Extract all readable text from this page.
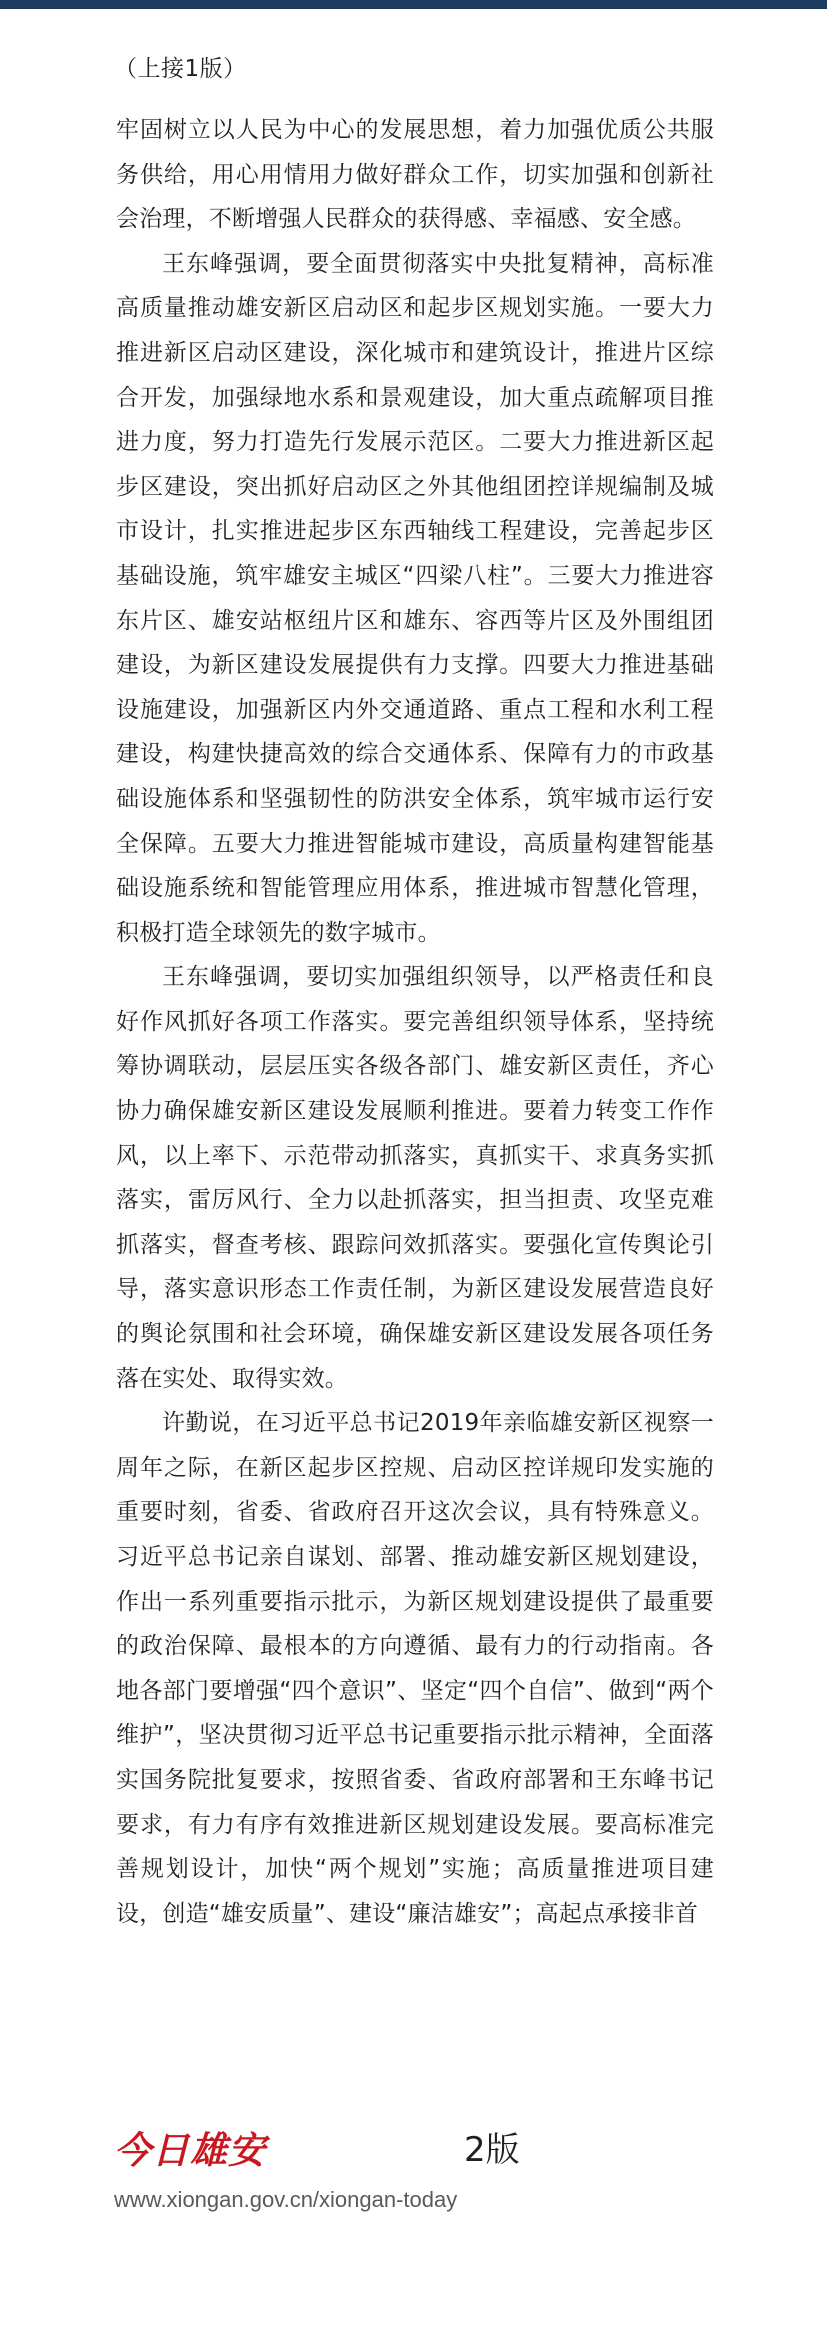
（上接1版）

牢固树立以人民为中心的发展思想，着力加强优质公共服务供给，用心用情用力做好群众工作，切实加强和创新社会治理，不断增强人民群众的获得感、幸福感、安全感。

王东峰强调，要全面贯彻落实中央批复精神，高标准高质量推动雄安新区启动区和起步区规划实施。一要大力推进新区启动区建设，深化城市和建筑设计，推进片区综合开发，加强绿地水系和景观建设，加大重点疏解项目推进力度，努力打造先行发展示范区。二要大力推进新区起步区建设，突出抓好启动区之外其他组团控详规编制及城市设计，扎实推进起步区东西轴线工程建设，完善起步区基础设施，筑牢雄安主城区“四梁八柱”。三要大力推进容东片区、雄安站枢纽片区和雄东、容西等片区及外围组团建设，为新区建设发展提供有力支撑。四要大力推进基础设施建设，加强新区内外交通道路、重点工程和水利工程建设，构建快捷高效的综合交通体系、保障有力的市政基础设施体系和坚强韧性的防洪安全体系，筑牢城市运行安全保障。五要大力推进智能城市建设，高质量构建智能基础设施系统和智能管理应用体系，推进城市智慧化管理，积极打造全球领先的数字城市。

王东峰强调，要切实加强组织领导，以严格责任和良好作风抓好各项工作落实。要完善组织领导体系，坚持统筹协调联动，层层压实各级各部门、雄安新区责任，齐心协力确保雄安新区建设发展顺利推进。要着力转变工作作风，以上率下、示范带动抓落实，真抓实干、求真务实抓落实，雷厉风行、全力以赴抓落实，担当担责、攻坚克难抓落实，督查考核、跟踪问效抓落实。要强化宣传舆论引导，落实意识形态工作责任制，为新区建设发展营造良好的舆论氛围和社会环境，确保雄安新区建设发展各项任务落在实处、取得实效。

许勤说，在习近平总书记2019年亲临雄安新区视察一周年之际，在新区起步区控规、启动区控详规印发实施的重要时刻，省委、省政府召开这次会议，具有特殊意义。习近平总书记亲自谋划、部署、推动雄安新区规划建设，作出一系列重要指示批示，为新区规划建设提供了最重要的政治保障、最根本的方向遵循、最有力的行动指南。各地各部门要增强“四个意识”、坚定“四个自信”、做到“两个维护”，坚决贯彻习近平总书记重要指示批示精神，全面落实国务院批复要求，按照省委、省政府部署和王东峰书记要求，有力有序有效推进新区规划建设发展。要高标准完善规划设计，加快“两个规划”实施；高质量推进项目建设，创造“雄安质量”、建设“廉洁雄安”；高起点承接非首

今日雄安	2版
www.xiongan.gov.cn/xiongan-today
